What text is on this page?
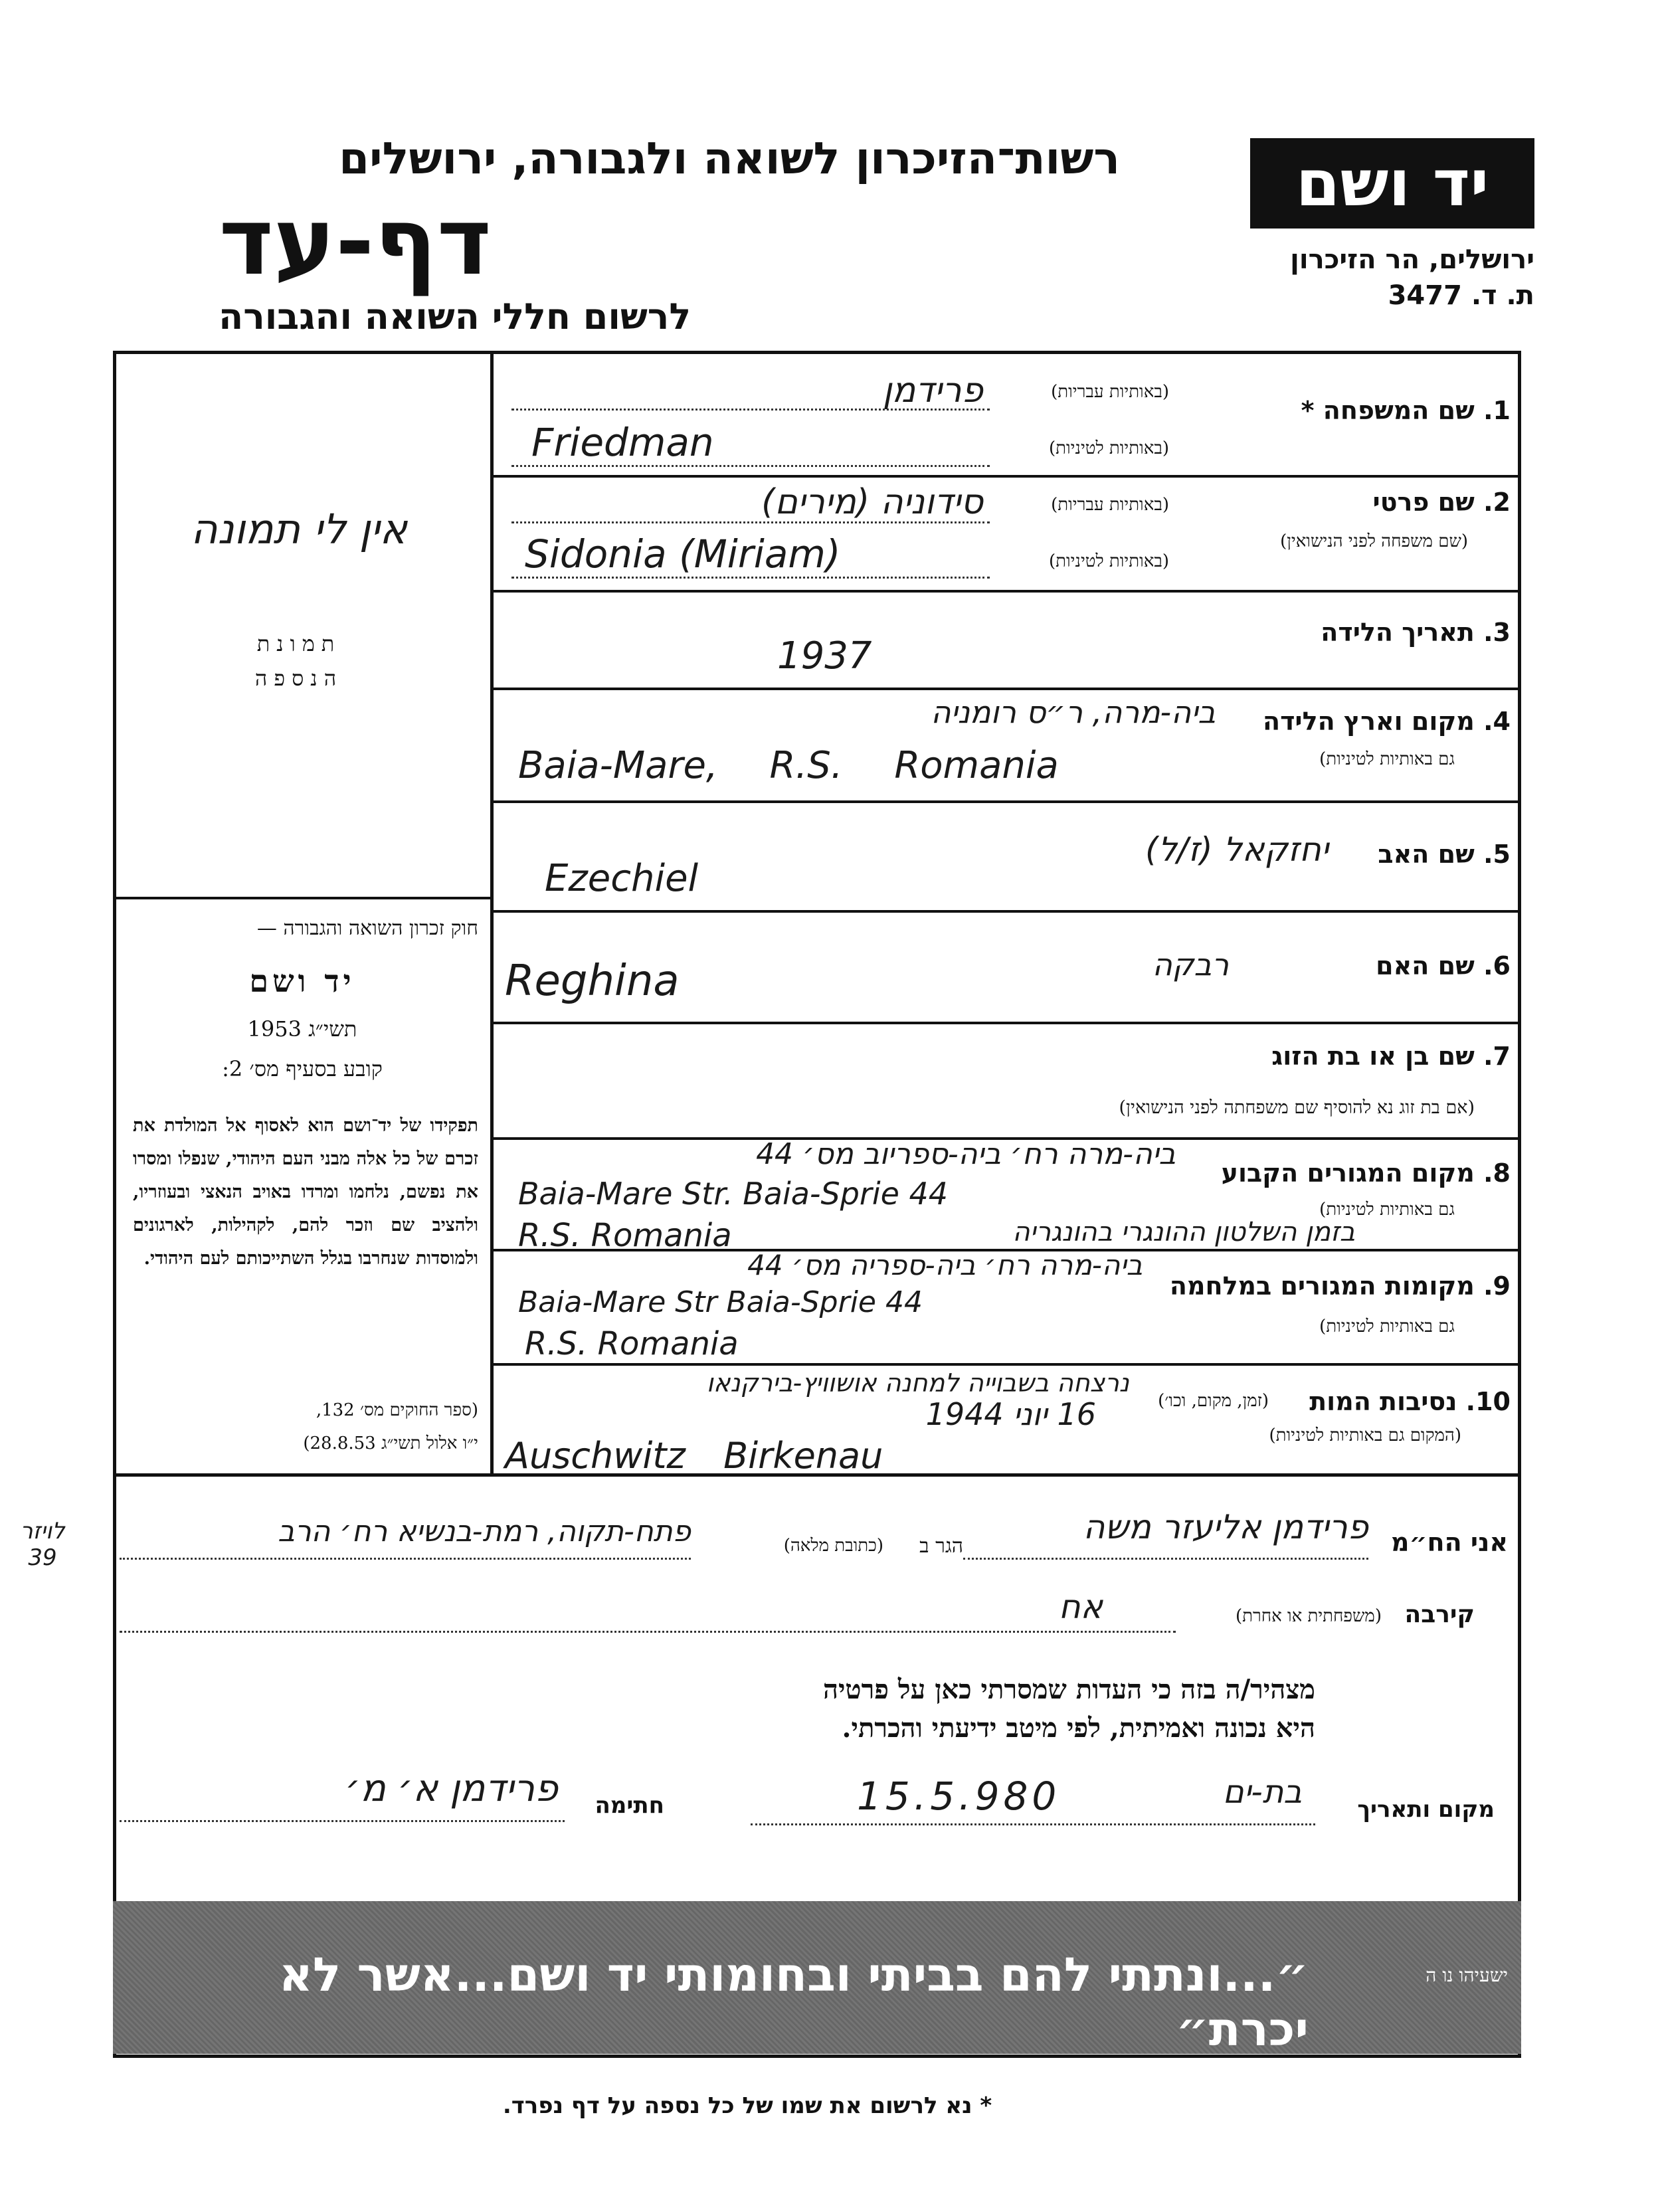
רשות־הזיכרון לשואה ולגבורה, ירושלים
דף-עד
לרשום חללי השואה והגבורה
יד ושם
ירושלים, הר הזיכרון
ת. ד. 3477
אין לי תמונה
תמונת
הנספה
חוק זכרון השואה והגבורה —
יד ושם
תשי״ג 1953
קובע בסעיף מס׳ 2:
תפקידו של יד־ושם הוא לאסוף אל המולדת את זכרם של כל אלה מבני העם היהודי, שנפלו ומסרו את נפשם, נלחמו ומרדו באויב הנאצי ובעוזריו, ולהציב שם וזכר להם, לקהילות, לארגונים ולמוסדות שנחרבו בגלל השתייכותם לעם היהודי.
(ספר החוקים מס׳ 132,
י״ו אלול תשי״ג 28.8.53)
1. שם המשפחה *
(באותיות עבריות)
(באותיות לטיניות)
פרידמן
Friedman
2. שם פרטי
(שם משפחה לפני הנישואין)
(באותיות עבריות)
(באותיות לטיניות)
סידוניה (מירים)
Sidonia (Miriam)
3. תאריך הלידה
1937
4. מקום וארץ הלידה
גם באותיות לטיניות)
ביה-מרה, ר״ס רומניה
Baia-Mare, R.S. Romania
5. שם האב
יחזקאל (ז/ל)
Ezechiel
6. שם האם
רבקה
Reghina
7. שם בן או בת הזוג
(אם בת זוג נא להוסיף שם משפחתה לפני הנישואין)
8. מקום המגורים הקבוע
גם באותיות לטיניות)
ביה-מרה רח׳ ביה-ספריוב מס׳ 44
Baia-Mare Str. Baia-Sprie 44
R.S. Romania	בזמן השלטון ההונגרי בהונגריה
9. מקומות המגורים במלחמה
גם באותיות לטיניות)
ביה-מרה רח׳ ביה-ספריה מס׳ 44
Baia-Mare Str Baia-Sprie 44
R.S. Romania
10. נסיבות המות
(זמן, מקום, וכו׳)
(המקום גם באותיות לטיניות)
נרצחה בשבוייה למחנה אושוויץ-בירקנאו
16 יוני 1944
Auschwitz Birkenau
אני הח״מ
פרידמן אליעזר משה
הגר ב
(כתובת מלאה)
פתח-תקוה, רמת-בנשיא רח׳ הרב
קירבה
(משפחתית או אחרת)
אח
מצהיר/ה בזה כי העדות שמסרתי כאן על פרטיה
היא נכונה ואמיתית, לפי מיטב ידיעתי והכרתי.
חתימה
פרידמן א׳ מ׳	מקום ותאריך
בת-ים
15.5.980
לויזר 39
״...ונתתי להם בביתי ובחומותי יד ושם...אשר לא יכרת״
ישעיהו נו ה
* נא לרשום את שמו של כל נספה על דף נפרד.
